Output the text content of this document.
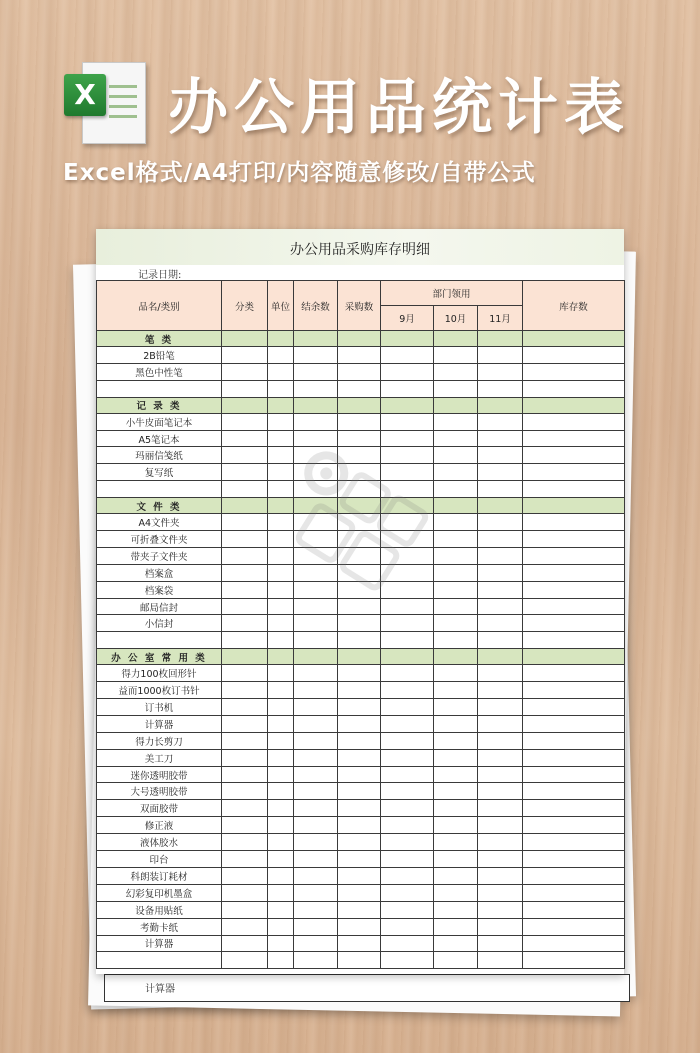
X 办公用品统计表
Excel格式/A4打印/内容随意修改/自带公式
计算器
办公用品采购库存明细
记录日期:
品名/类别	分类	单位	结余数	采购数	部门领用			库存数
					9月	10月	11月	
笔 类								
2B铅笔								
黑色中性笔								

记 录 类								
小牛皮面笔记本								
A5笔记本								
玛丽信笺纸								
复写纸								

文 件 类								
A4文件夹								
可折叠文件夹								
带夹子文件夹								
档案盒								
档案袋								
邮局信封								
小信封								

办 公 室 常 用 类								
得力100枚回形针								
益而1000枚订书针								
订书机								
计算器								
得力长剪刀								
美工刀								
迷你透明胶带								
大号透明胶带								
双面胶带								
修正液								
液体胶水								
印台								
科朗装订耗材								
幻彩复印机墨盒								
设备用贴纸								
考勤卡纸								
计算器								
